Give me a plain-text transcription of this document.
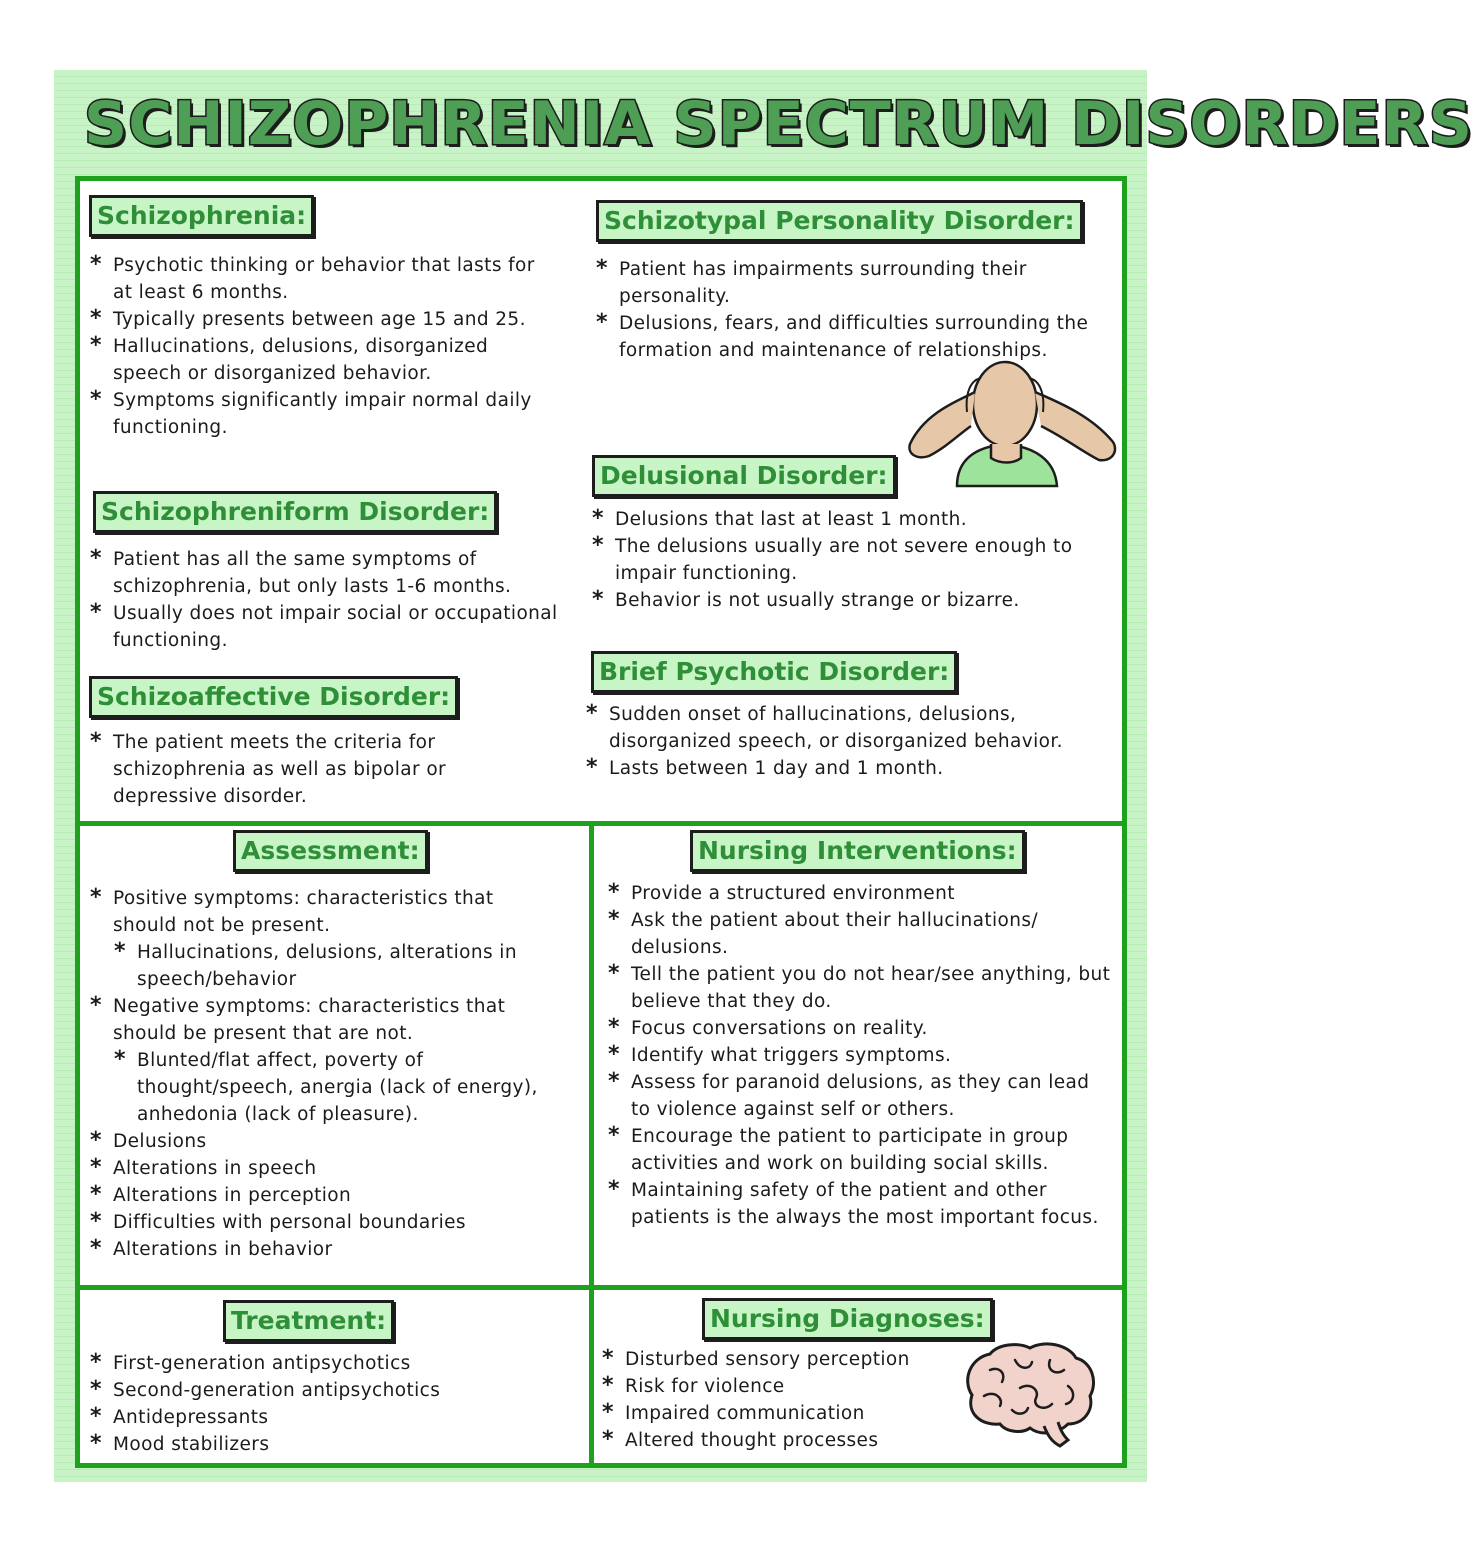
SCHIZOPHRENIA SPECTRUM DISORDERS
Schizophrenia:
* Psychotic thinking or behavior that lasts for at least 6 months.
* Typically presents between age 15 and 25.
* Hallucinations, delusions, disorganized speech or disorganized behavior.
* Symptoms significantly impair normal daily functioning.
Schizophreniform Disorder:
* Patient has all the same symptoms of schizophrenia, but only lasts 1-6 months.
* Usually does not impair social or occupational functioning.
Schizoaffective Disorder:
* The patient meets the criteria for schizophrenia as well as bipolar or depressive disorder.
Schizotypal Personality Disorder:
* Patient has impairments surrounding their personality.
* Delusions, fears, and difficulties surrounding the formation and maintenance of relationships.
Delusional Disorder:
* Delusions that last at least 1 month.
* The delusions usually are not severe enough to impair functioning.
* Behavior is not usually strange or bizarre.
Brief Psychotic Disorder:
* Sudden onset of hallucinations, delusions, disorganized speech, or disorganized behavior.
* Lasts between 1 day and 1 month.
Assessment:
* Positive symptoms: characteristics that should not be present.
* Hallucinations, delusions, alterations in speech/behavior
* Negative symptoms: characteristics that should be present that are not.
* Blunted/flat affect, poverty of thought/speech, anergia (lack of energy), anhedonia (lack of pleasure).
* Delusions
* Alterations in speech
* Alterations in perception
* Difficulties with personal boundaries
* Alterations in behavior
Nursing Interventions:
* Provide a structured environment
* Ask the patient about their hallucinations/ delusions.
* Tell the patient you do not hear/see anything, but believe that they do.
* Focus conversations on reality.
* Identify what triggers symptoms.
* Assess for paranoid delusions, as they can lead to violence against self or others.
* Encourage the patient to participate in group activities and work on building social skills.
* Maintaining safety of the patient and other patients is the always the most important focus.
Treatment:
* First-generation antipsychotics
* Second-generation antipsychotics
* Antidepressants
* Mood stabilizers
Nursing Diagnoses:
* Disturbed sensory perception
* Risk for violence
* Impaired communication
* Altered thought processes
